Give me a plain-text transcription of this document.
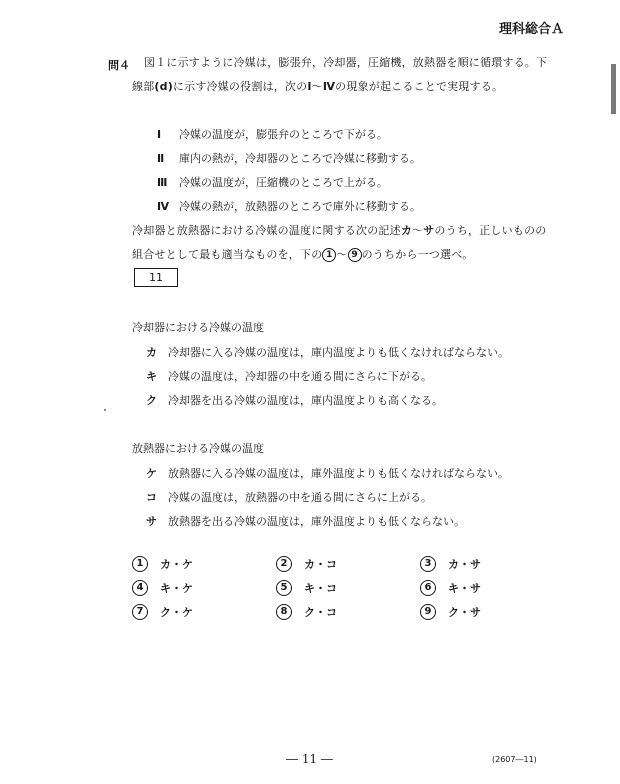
理科総合Ａ
問４	図１に示すように冷媒は，膨張弁，冷却器，圧縮機，放熱器を順に循環する。下線部(d)に示す冷媒の役割は，次のⅠ～Ⅳの現象が起こることで実現する。
Ⅰ 冷媒の温度が，膨張弁のところで下がる。
Ⅱ 庫内の熱が，冷却器のところで冷媒に移動する。
Ⅲ 冷媒の温度が，圧縮機のところで上がる。
Ⅳ 冷媒の熱が，放熱器のところで庫外に移動する。
冷却器と放熱器における冷媒の温度に関する次の記述カ～サのうち，正しいものの組合せとして最も適当なものを，下の 1 ～ 9 のうちから一つ選べ。
11
冷却器における冷媒の温度
カ 冷却器に入る冷媒の温度は，庫内温度よりも低くなければならない。
キ 冷媒の温度は，冷却器の中を通る間にさらに下がる。
ク 冷却器を出る冷媒の温度は，庫内温度よりも高くなる。
放熱器における冷媒の温度
ケ 放熱器に入る冷媒の温度は，庫外温度よりも低くなければならない。
コ 冷媒の温度は，放熱器の中を通る間にさらに上がる。
サ 放熱器を出る冷媒の温度は，庫外温度よりも低くならない。
1 カ・ケ	2 カ・コ	3 カ・サ
4 キ・ケ	5 キ・コ	6 キ・サ
7 ク・ケ	8 ク・コ	9 ク・サ
― 11 ―	(2607―11)
